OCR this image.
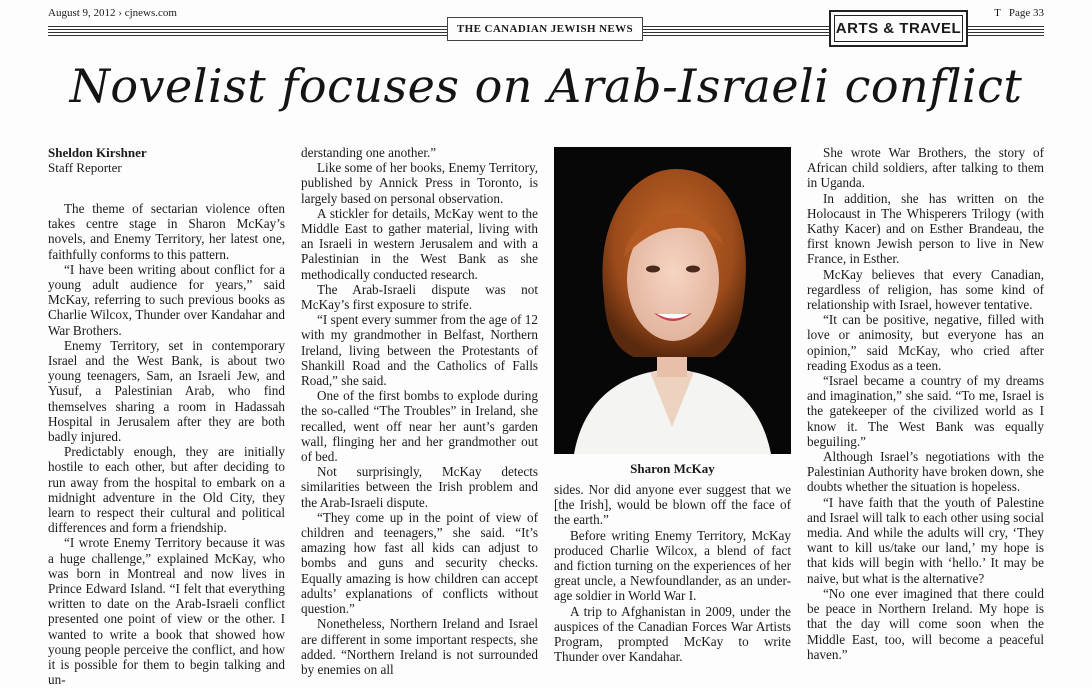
August 9, 2012 › cjnews.com	T Page 33
THE CANADIAN JEWISH NEWS	ARTS & TRAVEL
Novelist focuses on Arab-Israeli conflict
Sheldon Kirshner
Staff Reporter

The theme of sectarian violence often takes centre stage in Sharon McKay’s novels, and Enemy Territory, her latest one, faithfully conforms to this pattern.

“I have been writing about conflict for a young adult audience for years,” said McKay, referring to such previous books as Charlie Wilcox, Thunder over Kandahar and War Brothers.

Enemy Territory, set in contemporary Israel and the West Bank, is about two young teenagers, Sam, an Israeli Jew, and Yusuf, a Palestinian Arab, who find themselves sharing a room in Hadassah Hospital in Jerusalem after they are both badly injured.

Predictably enough, they are initially hostile to each other, but after deciding to run away from the hospital to embark on a midnight adventure in the Old City, they learn to respect their cultural and political differences and form a friendship.

“I wrote Enemy Territory because it was a huge challenge,” explained McKay, who was born in Montreal and now lives in Prince Edward Island. “I felt that everything written to date on the Arab-Israeli conflict presented one point of view or the other. I wanted to write a book that showed how young people perceive the conflict, and how it is possible for them to begin talking and un-

derstanding one another.”

Like some of her books, Enemy Territory, published by Annick Press in Toronto, is largely based on personal observation.

A stickler for details, McKay went to the Middle East to gather material, living with an Israeli in western Jerusalem and with a Palestinian in the West Bank as she methodically conducted research.

The Arab-Israeli dispute was not McKay’s first exposure to strife.

“I spent every summer from the age of 12 with my grandmother in Belfast, Northern Ireland, living between the Protestants of Shankill Road and the Catholics of Falls Road,” she said.

One of the first bombs to explode during the so-called “The Troubles” in Ireland, she recalled, went off near her aunt’s garden wall, flinging her and her grandmother out of bed.

Not surprisingly, McKay detects similarities between the Irish problem and the Arab-Israeli dispute.

“They come up in the point of view of children and teenagers,” she said. “It’s amazing how fast all kids can adjust to bombs and guns and security checks. Equally amazing is how children can accept adults’ explanations of conflicts without question.”

Nonetheless, Northern Ireland and Israel are different in some important respects, she added. “Northern Ireland is not surrounded by enemies on all

Sharon McKay

sides. Nor did anyone ever suggest that we [the Irish], would be blown off the face of the earth.”

Before writing Enemy Territory, McKay produced Charlie Wilcox, a blend of fact and fiction turning on the experiences of her great uncle, a Newfoundlander, as an under-age soldier in World War I.

A trip to Afghanistan in 2009, under the auspices of the Canadian Forces War Artists Program, prompted McKay to write Thunder over Kandahar.

She wrote War Brothers, the story of African child soldiers, after talking to them in Uganda.

In addition, she has written on the Holocaust in The Whisperers Trilogy (with Kathy Kacer) and on Esther Brandeau, the first known Jewish person to live in New France, in Esther.

McKay believes that every Canadian, regardless of religion, has some kind of relationship with Israel, however tentative.

“It can be positive, negative, filled with love or animosity, but everyone has an opinion,” said McKay, who cried after reading Exodus as a teen.

“Israel became a country of my dreams and imagination,” she said. “To me, Israel is the gatekeeper of the civilized world as I know it. The West Bank was equally beguiling.”

Although Israel’s negotiations with the Palestinian Authority have broken down, she doubts whether the situation is hopeless.

“I have faith that the youth of Palestine and Israel will talk to each other using social media. And while the adults will cry, ‘They want to kill us/take our land,’ my hope is that kids will begin with ‘hello.’ It may be naive, but what is the alternative?

“No one ever imagined that there could be peace in Northern Ireland. My hope is that the day will come soon when the Middle East, too, will become a peaceful haven.”
